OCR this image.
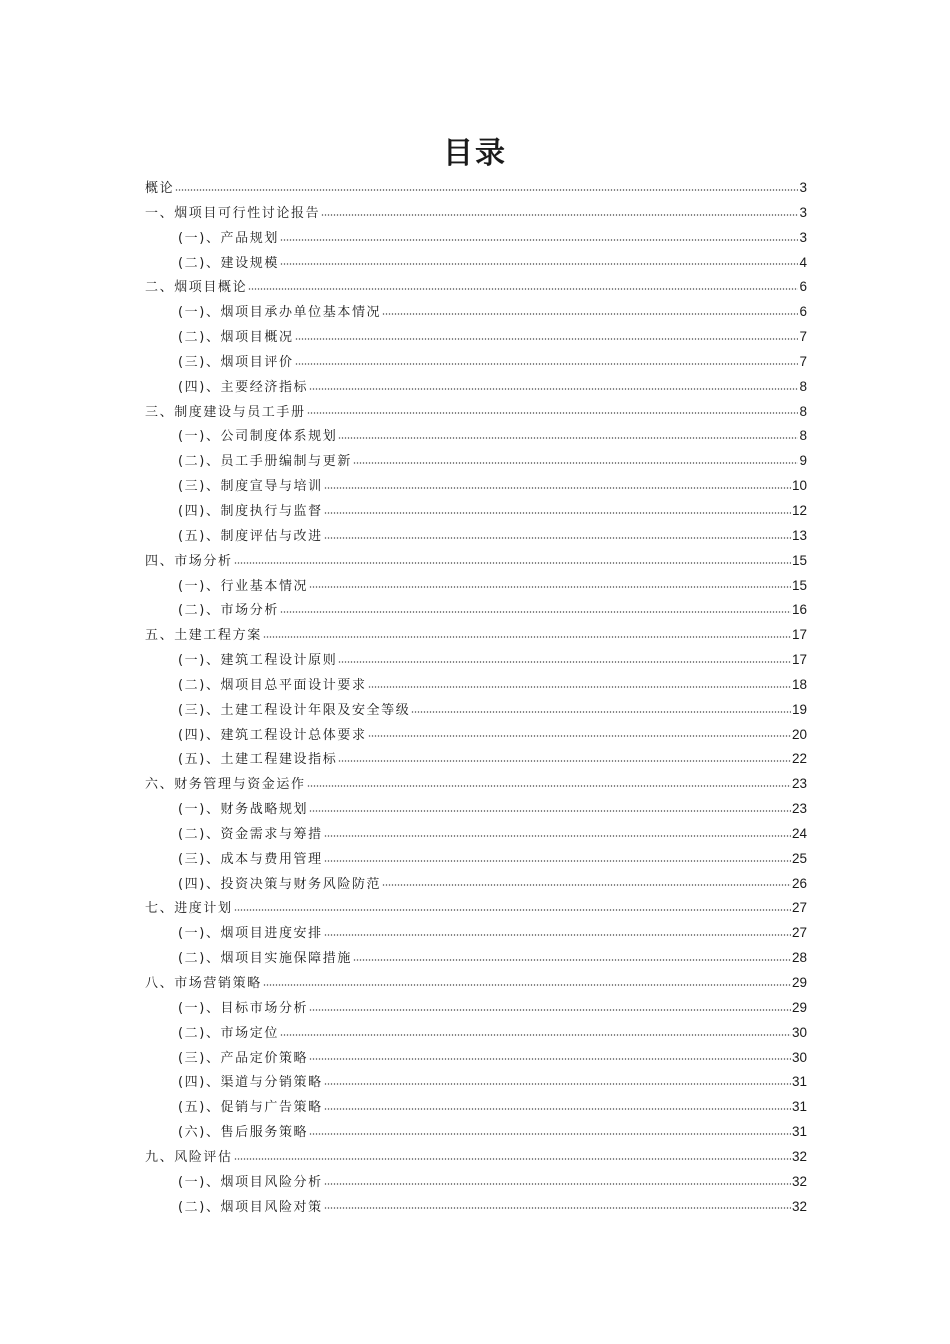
目录
概论	3
一、烟项目可行性讨论报告	3
(一)、产品规划	3
(二)、建设规模	4
二、烟项目概论	6
(一)、烟项目承办单位基本情况	6
(二)、烟项目概况	7
(三)、烟项目评价	7
(四)、主要经济指标	8
三、制度建设与员工手册	8
(一)、公司制度体系规划	8
(二)、员工手册编制与更新	9
(三)、制度宣导与培训	10
(四)、制度执行与监督	12
(五)、制度评估与改进	13
四、市场分析	15
(一)、行业基本情况	15
(二)、市场分析	16
五、土建工程方案	17
(一)、建筑工程设计原则	17
(二)、烟项目总平面设计要求	18
(三)、土建工程设计年限及安全等级	19
(四)、建筑工程设计总体要求	20
(五)、土建工程建设指标	22
六、财务管理与资金运作	23
(一)、财务战略规划	23
(二)、资金需求与筹措	24
(三)、成本与费用管理	25
(四)、投资决策与财务风险防范	26
七、进度计划	27
(一)、烟项目进度安排	27
(二)、烟项目实施保障措施	28
八、市场营销策略	29
(一)、目标市场分析	29
(二)、市场定位	30
(三)、产品定价策略	30
(四)、渠道与分销策略	31
(五)、促销与广告策略	31
(六)、售后服务策略	31
九、风险评估	32
(一)、烟项目风险分析	32
(二)、烟项目风险对策	32
